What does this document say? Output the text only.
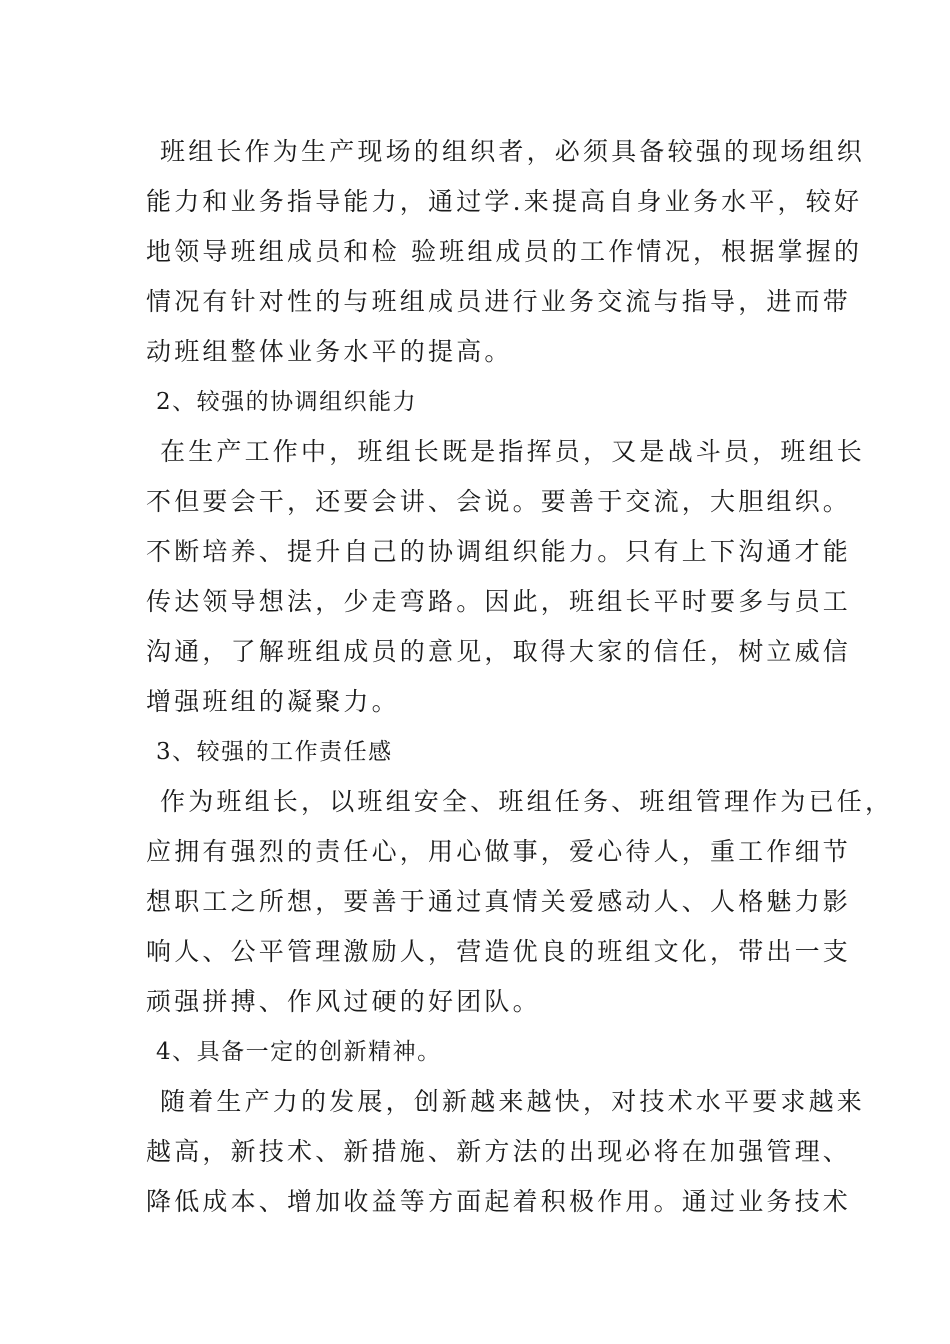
班组长作为生产现场的组织者，必须具备较强的现场组织
能力和业务指导能力，通过学.来提高自身业务水平，较好
地领导班组成员和检 验班组成员的工作情况，根据掌握的
情况有针对性的与班组成员进行业务交流与指导，进而带
动班组整体业务水平的提高。
2、较强的协调组织能力
在生产工作中，班组长既是指挥员，又是战斗员，班组长
不但要会干，还要会讲、会说。要善于交流，大胆组织。
不断培养、提升自己的协调组织能力。只有上下沟通才能
传达领导想法，少走弯路。因此，班组长平时要多与员工
沟通，了解班组成员的意见，取得大家的信任，树立威信
增强班组的凝聚力。
3、较强的工作责任感
作为班组长，以班组安全、班组任务、班组管理作为已任，
应拥有强烈的责任心，用心做事，爱心待人，重工作细节
想职工之所想，要善于通过真情关爱感动人、人格魅力影
响人、公平管理激励人，营造优良的班组文化，带出一支
顽强拼搏、作风过硬的好团队。
4、具备一定的创新精神。
随着生产力的发展，创新越来越快，对技术水平要求越来
越高，新技术、新措施、新方法的出现必将在加强管理、
降低成本、增加收益等方面起着积极作用。通过业务技术
